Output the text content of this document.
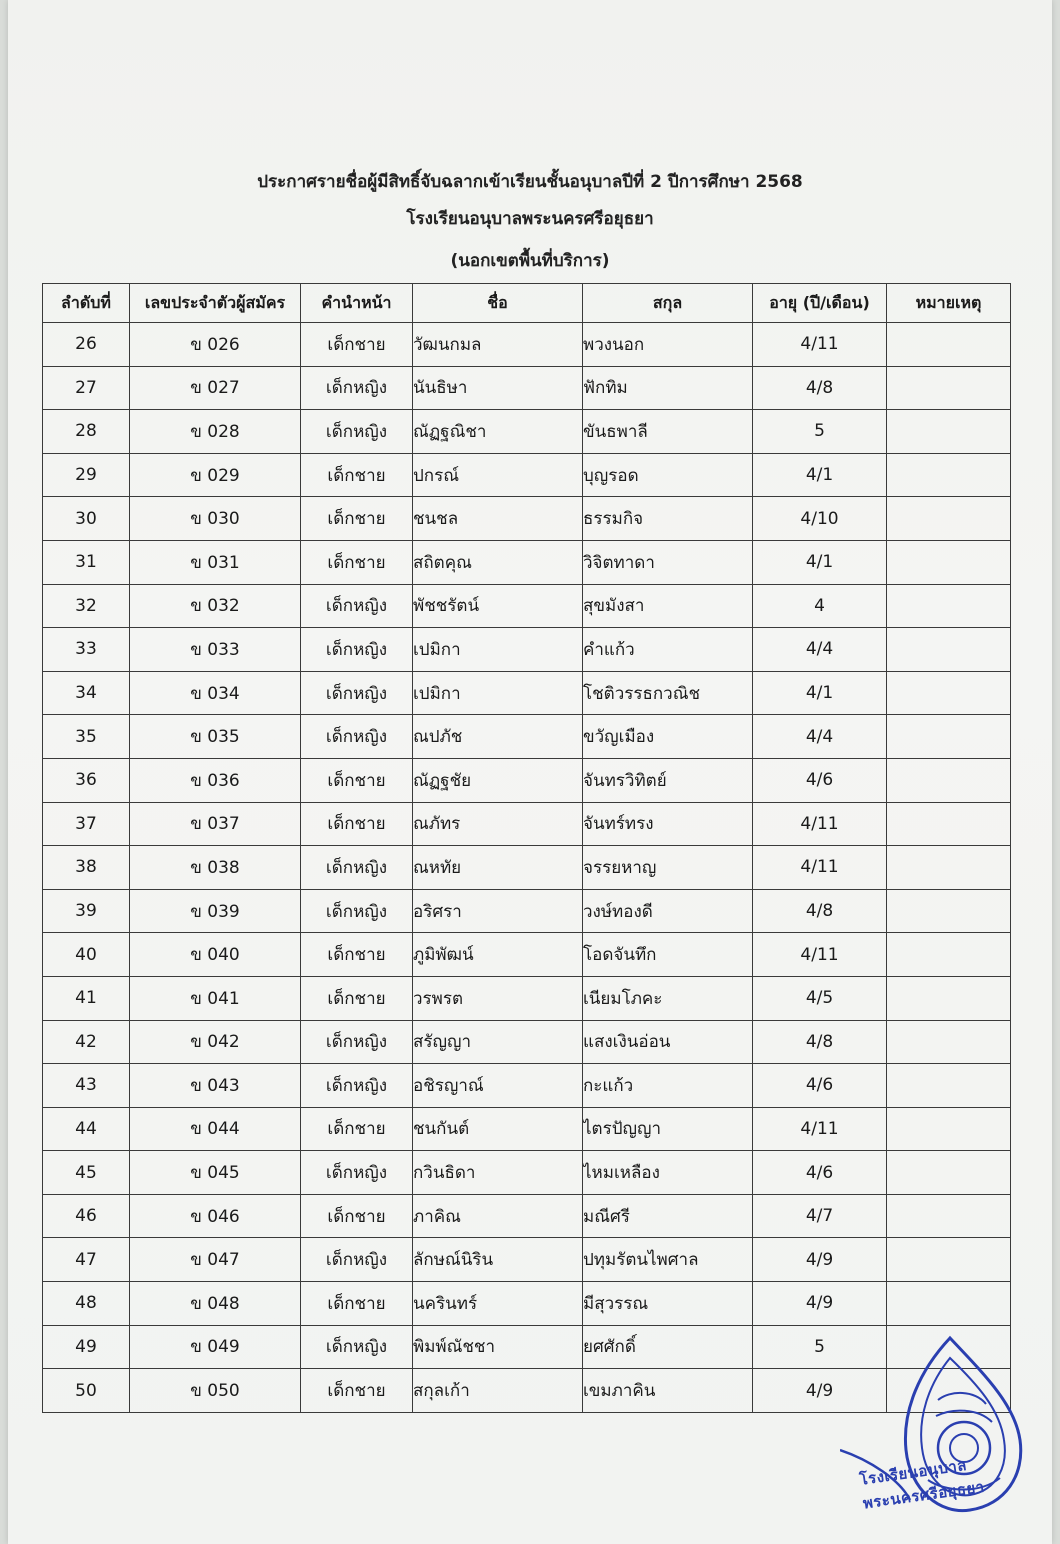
ประกาศรายชื่อผู้มีสิทธิ์จับฉลากเข้าเรียนชั้นอนุบาลปีที่ 2 ปีการศึกษา 2568
โรงเรียนอนุบาลพระนครศรีอยุธยา
(นอกเขตพื้นที่บริการ)
ลำดับที่	เลขประจำตัวผู้สมัคร	คำนำหน้า	ชื่อ	สกุล	อายุ (ปี/เดือน)	หมายเหตุ
26	ข 026	เด็กชาย	วัฒนกมล	พวงนอก	4/11	
27	ข 027	เด็กหญิง	นันธิษา	ฟักทิม	4/8	
28	ข 028	เด็กหญิง	ณัฏฐณิชา	ขันธพาลี	5	
29	ข 029	เด็กชาย	ปกรณ์	บุญรอด	4/1	
30	ข 030	เด็กชาย	ชนชล	ธรรมกิจ	4/10	
31	ข 031	เด็กชาย	สถิตคุณ	วิจิตทาดา	4/1	
32	ข 032	เด็กหญิง	พัชชรัตน์	สุขมังสา	4	
33	ข 033	เด็กหญิง	เปมิกา	คำแก้ว	4/4	
34	ข 034	เด็กหญิง	เปมิกา	โชติวรรธกวณิช	4/1	
35	ข 035	เด็กหญิง	ณปภัช	ขวัญเมือง	4/4	
36	ข 036	เด็กชาย	ณัฏฐชัย	จันทรวิทิตย์	4/6	
37	ข 037	เด็กชาย	ณภัทร	จันทร์ทรง	4/11	
38	ข 038	เด็กหญิง	ณหทัย	จรรยหาญ	4/11	
39	ข 039	เด็กหญิง	อริศรา	วงษ์ทองดี	4/8	
40	ข 040	เด็กชาย	ภูมิพัฒน์	โอดจันทึก	4/11	
41	ข 041	เด็กชาย	วรพรต	เนียมโภคะ	4/5	
42	ข 042	เด็กหญิง	สรัญญา	แสงเงินอ่อน	4/8	
43	ข 043	เด็กหญิง	อชิรญาณ์	กะแก้ว	4/6	
44	ข 044	เด็กชาย	ชนกันต์	ไตรปัญญา	4/11	
45	ข 045	เด็กหญิง	กวินธิดา	ไหมเหลือง	4/6	
46	ข 046	เด็กชาย	ภาคิณ	มณีศรี	4/7	
47	ข 047	เด็กหญิง	ลักษณ์นิริน	ปทุมรัตนไพศาล	4/9	
48	ข 048	เด็กชาย	นครินทร์	มีสุวรรณ	4/9	
49	ข 049	เด็กหญิง	พิมพ์ณัชชา	ยศศักดิ์	5	
50	ข 050	เด็กชาย	สกุลเก้า	เขมภาคิน	4/9	
โรงเรียนอนุบาลพระนครศรีอยุธยา
